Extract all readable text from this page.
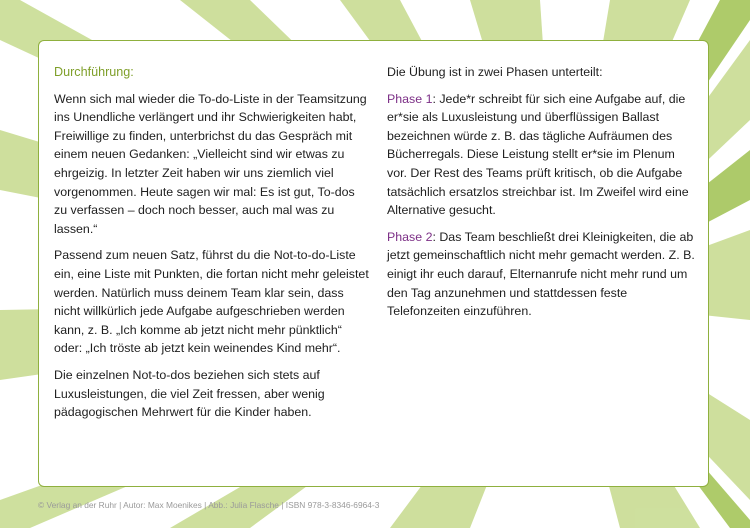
Durchführung:

Wenn sich mal wieder die To-do-Liste in der Teamsitzung ins Unendliche verlängert und ihr Schwierigkeiten habt, Freiwillige zu finden, unterbrichst du das Gespräch mit einem neuen Gedanken: „Vielleicht sind wir etwas zu ehrgeizig. In letzter Zeit haben wir uns ziemlich viel vorgenommen. Heute sagen wir mal: Es ist gut, To-dos zu verfassen – doch noch besser, auch mal was zu lassen.“

Passend zum neuen Satz, führst du die Not-to-do-Liste ein, eine Liste mit Punkten, die fortan nicht mehr geleistet werden. Natürlich muss deinem Team klar sein, dass nicht willkürlich jede Aufgabe aufgeschrieben werden kann, z. B. „Ich komme ab jetzt nicht mehr pünktlich“ oder: „Ich tröste ab jetzt kein weinendes Kind mehr“.

Die einzelnen Not-to-dos beziehen sich stets auf Luxusleistungen, die viel Zeit fressen, aber wenig pädagogischen Mehrwert für die Kinder haben.

Die Übung ist in zwei Phasen unterteilt:

Phase 1: Jede*r schreibt für sich eine Aufgabe auf, die er*sie als Luxusleistung und überflüssigen Ballast bezeichnen würde z. B. das tägliche Aufräumen des Bücherregals. Diese Leistung stellt er*sie im Plenum vor. Der Rest des Teams prüft kritisch, ob die Aufgabe tatsächlich ersatzlos streichbar ist. Im Zweifel wird eine Alternative gesucht.

Phase 2: Das Team beschließt drei Kleinigkeiten, die ab jetzt gemeinschaftlich nicht mehr gemacht werden. Z. B. einigt ihr euch darauf, Elternanrufe nicht mehr rund um den Tag anzunehmen und stattdessen feste Telefonzeiten einzuführen.

© Verlag an der Ruhr | Autor: Max Moenikes | Abb.: Julia Flasche | ISBN 978-3-8346-6964-3
